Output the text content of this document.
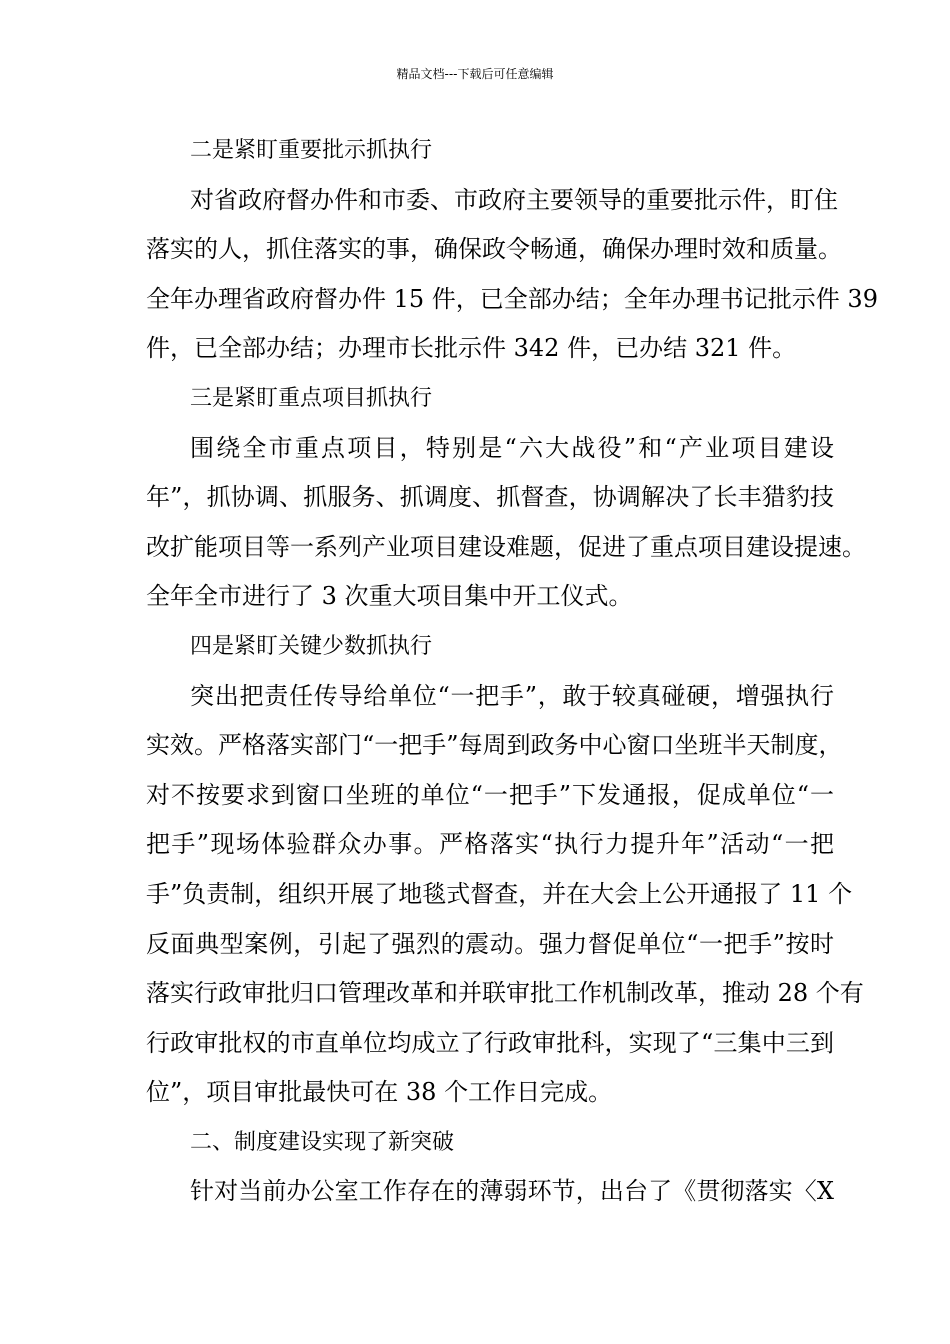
精品文档---下载后可任意编辑
二是紧盯重要批示抓执行
对省政府督办件和市委、市政府主要领导的重要批示件，盯住
落实的人，抓住落实的事，确保政令畅通，确保办理时效和质量。
全年办理省政府督办件 15 件，已全部办结；全年办理书记批示件 39
件，已全部办结；办理市长批示件 342 件，已办结 321 件。
三是紧盯重点项目抓执行
围绕全市重点项目，特别是“六大战役”和“产业项目建设
年”，抓协调、抓服务、抓调度、抓督查，协调解决了长丰猎豹技
改扩能项目等一系列产业项目建设难题，促进了重点项目建设提速。
全年全市进行了 3 次重大项目集中开工仪式。
四是紧盯关键少数抓执行
突出把责任传导给单位“一把手”，敢于较真碰硬，增强执行
实效。严格落实部门“一把手”每周到政务中心窗口坐班半天制度，
对不按要求到窗口坐班的单位“一把手”下发通报，促成单位“一
把手”现场体验群众办事。严格落实“执行力提升年”活动“一把
手”负责制，组织开展了地毯式督查，并在大会上公开通报了 11 个
反面典型案例，引起了强烈的震动。强力督促单位“一把手”按时
落实行政审批归口管理改革和并联审批工作机制改革，推动 28 个有
行政审批权的市直单位均成立了行政审批科，实现了“三集中三到
位”，项目审批最快可在 38 个工作日完成。
二、制度建设实现了新突破
针对当前办公室工作存在的薄弱环节，出台了《贯彻落实〈X
